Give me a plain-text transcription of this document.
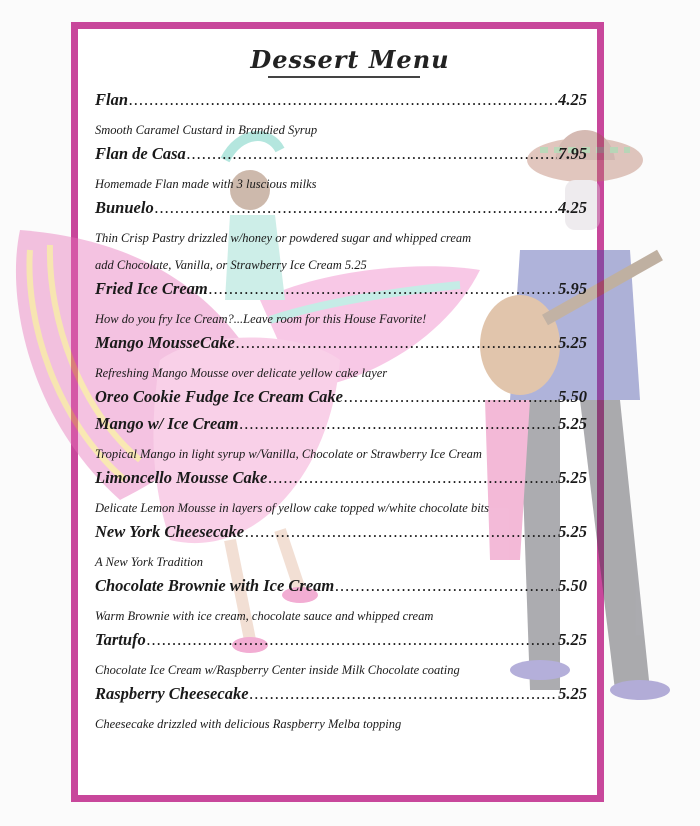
Dessert Menu
Flan .....	4.25
Smooth Caramel Custard in Brandied Syrup
Flan de Casa .....	7.95
Homemade Flan made with 3 luscious milks
Bunuelo .....	4.25
Thin Crisp Pastry drizzled w/honey or powdered sugar and whipped cream
add Chocolate, Vanilla, or Strawberry Ice Cream 5.25
Fried Ice Cream .....	5.95
How do you fry Ice Cream?...Leave room for this House Favorite!
Mango MousseCake .....	5.25
Refreshing Mango Mousse over delicate yellow cake layer
Oreo Cookie Fudge Ice Cream Cake .....	5.50
Mango w/ Ice Cream .....	5.25
Tropical Mango in light syrup w/Vanilla, Chocolate or Strawberry Ice Cream
Limoncello Mousse Cake .....	5.25
Delicate Lemon Mousse in layers of yellow cake topped w/white chocolate bits
New York Cheesecake .....	5.25
A New York Tradition
Chocolate Brownie with Ice Cream .....	5.50
Warm Brownie with ice cream, chocolate sauce and whipped cream
Tartufo .....	5.25
Chocolate Ice Cream w/Raspberry Center inside Milk Chocolate coating
Raspberry Cheesecake .....	5.25
Cheesecake drizzled with delicious Raspberry Melba topping
